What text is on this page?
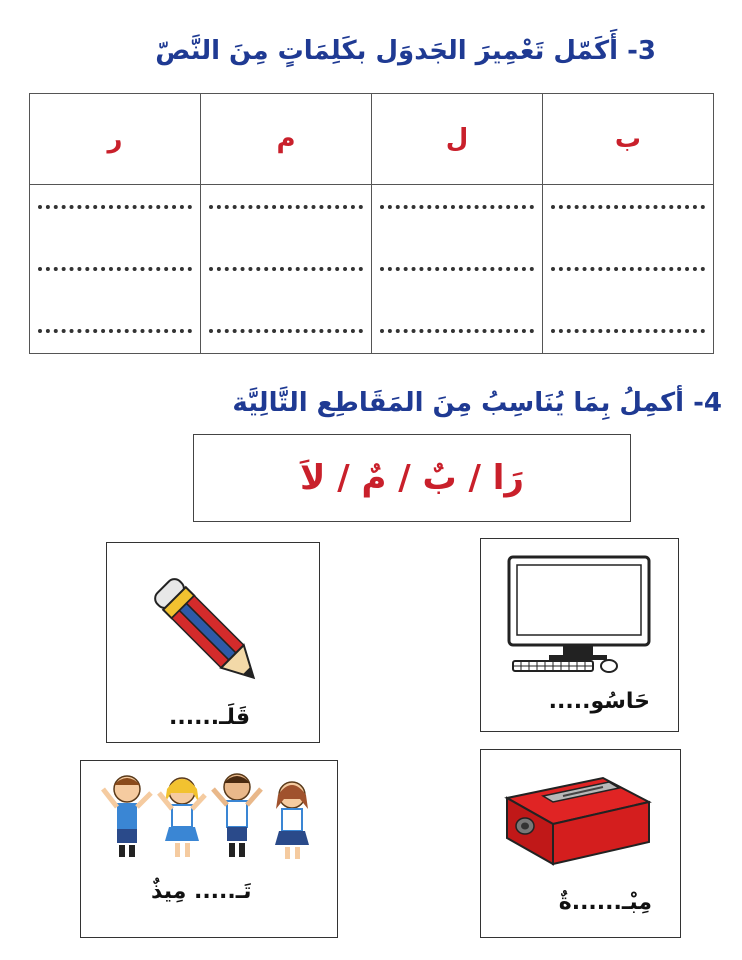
3- أَكَمّل تَعْمِيرَ الجَدوَل بكَلِمَاتٍ مِنَ النَّصّ
ب	ل	م	ر

4- أكمِلُ بِمَا يُنَاسِبُ مِنَ المَقَاطِع التَّالِيَّة
رَا / بٌ / مٌ / لاَ
حَاسُو.....
قَلَـ......
تَـ..... مِيذٌ	مِبْـ......ةٌ
